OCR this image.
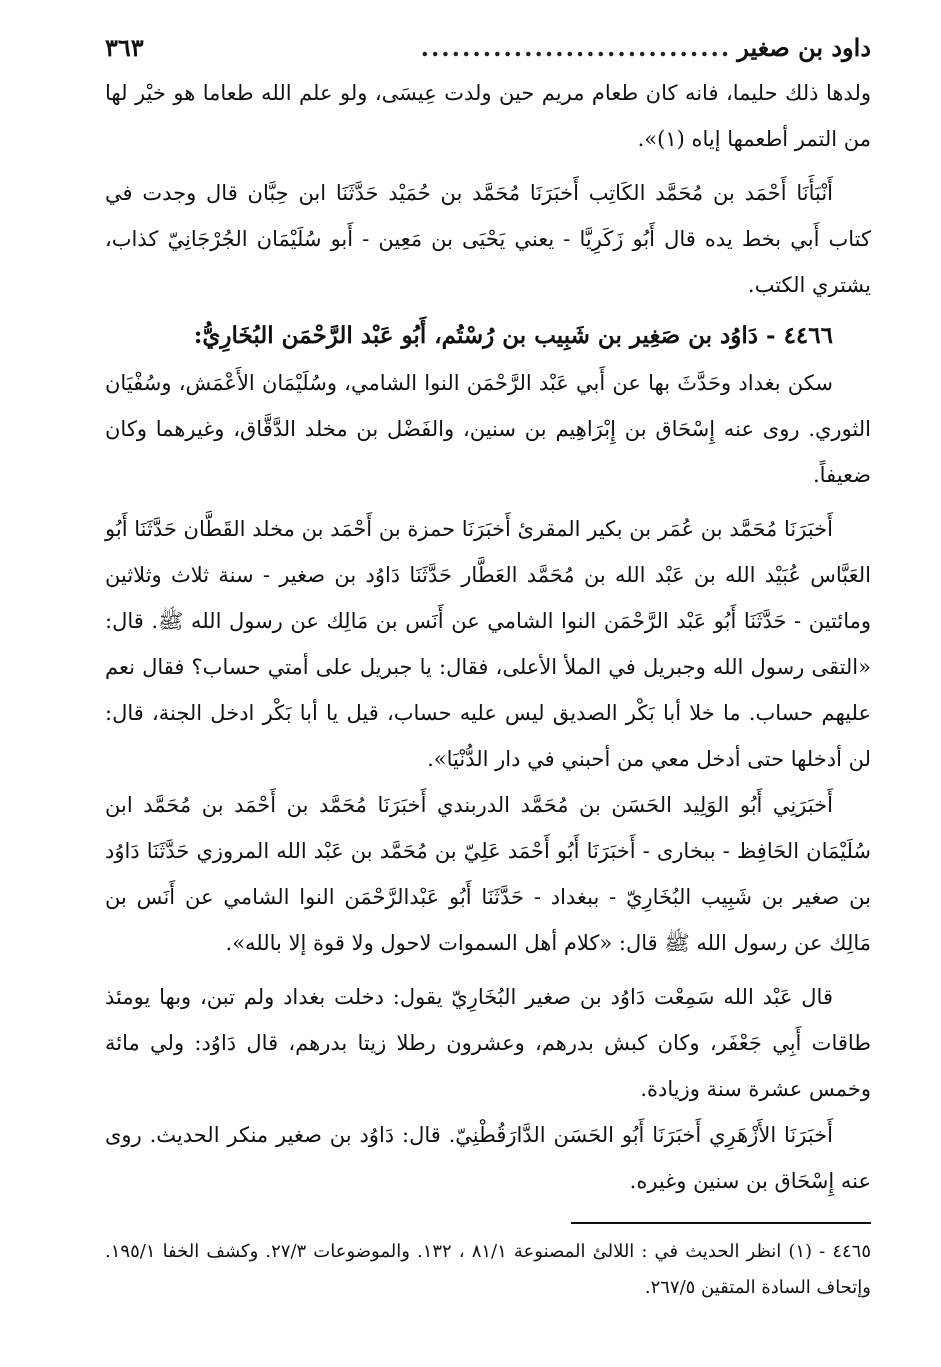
داود بن صغير
..............................
٣٦٣

ولدها ذلك حليما، فانه كان طعام مريم حين ولدت عِيسَى، ولو علم الله طعاما هو خيْر لها من التمر أطعمها إياه (١)».

أَنْبَأَنَا أَحْمَد بن مُحَمَّد الكَاتِب أَخبَرَنَا مُحَمَّد بن حُمَيْد حَدَّثَنَا ابن حِبَّان قال وجدت في كتاب أَبي بخط يده قال أَبُو زَكَرِيَّا - يعني يَحْيَى بن مَعِين - أَبو سُلَيْمَان الجُرْجَانِيّ كذاب، يشتري الكتب.

٤٤٦٦ - دَاوُد بن صَغِير بن شَبِيب بن رُسْتُم، أَبُو عَبْد الرَّحْمَن البُخَارِيُّ:

سكن بغداد وحَدَّثَ بها عن أَبي عَبْد الرَّحْمَن النوا الشامي، وسُلَيْمَان الأَعْمَش، وسُفْيَان الثوري. روى عنه إِسْحَاق بن إِبْرَاهِيم بن سنين، والفَضْل بن مخلد الدَّقَّاق، وغيرهما وكان ضعيفاً.

أَخبَرَنَا مُحَمَّد بن عُمَر بن بكير المقرئ أَخبَرَنَا حمزة بن أَحْمَد بن مخلد القَطَّان حَدَّثَنَا أَبُو العَبَّاس عُبَيْد الله بن عَبْد الله بن مُحَمَّد العَطَّار حَدَّثَنَا دَاوُد بن صغير - سنة ثلاث وثلاثين ومائتين - حَدَّثَنَا أَبُو عَبْد الرَّحْمَن النوا الشامي عن أَنَس بن مَالِك عن رسول الله ﷺ. قال: «التقى رسول الله وجبريل في الملأ الأعلى، فقال: يا جبريل على أمتي حساب؟ فقال نعم عليهم حساب. ما خلا أبا بَكْر الصديق ليس عليه حساب، قيل يا أبا بَكْر ادخل الجنة، قال: لن أدخلها حتى أدخل معي من أحبني في دار الدُّنْيَا».

أَخبَرَنِي أَبُو الوَلِيد الحَسَن بن مُحَمَّد الدربندي أَخبَرَنَا مُحَمَّد بن أَحْمَد بن مُحَمَّد ابن سُلَيْمَان الحَافِظ - ببخارى - أَخبَرَنَا أَبُو أَحْمَد عَلِيّ بن مُحَمَّد بن عَبْد الله المروزي حَدَّثَنَا دَاوُد بن صغير بن شَبِيب البُخَارِيّ - ببغداد - حَدَّثَنَا أَبُو عَبْدالرَّحْمَن النوا الشامي عن أَنَس بن مَالِك عن رسول الله ﷺ قال: «كلام أهل السموات لاحول ولا قوة إلا بالله».

قال عَبْد الله سَمِعْت دَاوُد بن صغير البُخَارِيّ يقول: دخلت بغداد ولم تبن، وبها يومئذ طاقات أَبِي جَعْفَر، وكان كبش بدرهم، وعشرون رطلا زيتا بدرهم، قال دَاوُد: ولي مائة وخمس عشرة سنة وزيادة.

أَخبَرَنَا الأَزْهَرِي أَخبَرَنَا أَبُو الحَسَن الدَّارَقُطْنِيّ. قال: دَاوُد بن صغير منكر الحديث. روى عنه إِسْحَاق بن سنين وغيره.

٤٤٦٥ - (١) انظر الحديث في : اللالئ المصنوعة ٨١/١ ، ١٣٢. والموضوعات ٢٧/٣. وكشف الخفا ١٩٥/١. وإتحاف السادة المتقين ٢٦٧/٥.
